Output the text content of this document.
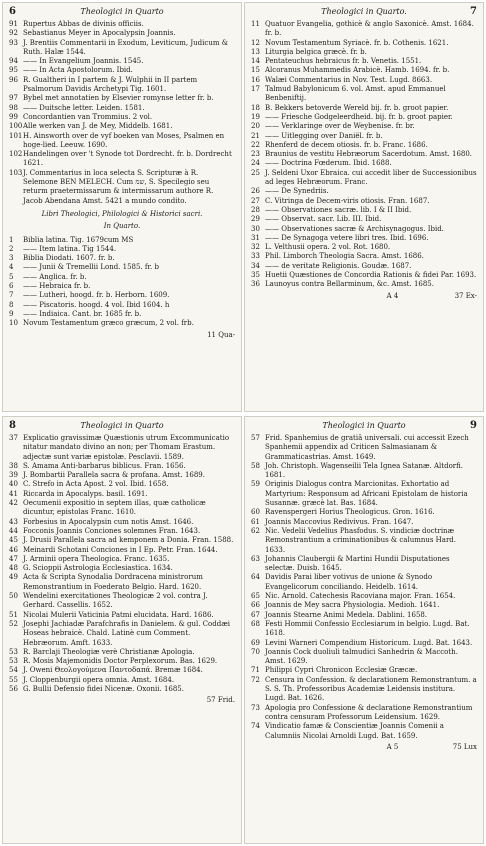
6	Theologici in Quarto
91 Rupertus Abbas de divinis officiis.
92 Sebastianus Meyer in Apocalypsin Joannis.
93 J. Brentiis Commentarii in Exodum, Leviticum, Judicum & Ruth. Halæ 1544.
94 —— In Evangelium Joannis. 1545.
95 —— In Acta Apostolorum. Ibid.
96 R. Gualtheri in I partem & J. Wulphii in II partem Psalmorum Davidis Archetypi Tig. 1601.
97 Bybel met annotatien by Elsevier romynse letter fr. b.
98 —— Duitsche letter. Leiden. 1581.
99 Concordantien van Trommius. 2 vol.
100 Alle werken van J. de Mey, Middelb. 1681.
101 H. Ainsworth over de vyf boeken van Moses, Psalmen en hoge-lied. Leeuw. 1690.
102 Handelingen over 't Synode tot Dordrecht. fr. b. Dordrecht 1621.
103 J. Commentarius in loca selecta S. Scripturæ à R. Selemone BEN MELECH. Cum שמ, S. Specilegio seu returm praetermissarum & intermissarum authore R. Jacob Abendana Amst. 5421 a mundo condito.
Libri Theologici, Philologici & Historici sacri.
In Quarto.
1	Biblia latina. Tig. 1679cum MS
2	—— Item latina. Tig 1544.
3	Biblia Diodati. 1607. fr. b.
4	—— Junii & Tremellii Lond. 1585. fr. b
5	—— Anglica. fr. b.
6	—— Hebraica fr. b.
7	—— Lutheri, hoogd. fr. b. Herborn. 1609.
8	—— Piscatoris. hoogd. 4 vol. Ibid 1604. h
9	—— Indiaica. Cant. br. 1685 fr. b.
10 Novum Testamentum græco græcum, 2 vol. frb.
11 Qua-
Theologici in Quarto.	7
11 Quatuor Evangelia, gothicè & anglo Saxonicè. Amst. 1684. fr. b.
12 Novum Testamentum Syriacè. fr. b. Cothenis. 1621.
13 Liturgia belgica græcè. fr. b.
14 Pentateuchus hebraicus fr. b. Venetis. 1551.
15 Alcoranus Muhammedis Arabicè. Hamb. 1694. fr. b.
16 Walæi Commentarius in Nov. Test. Lugd. 8663.
17 Talmud Babylonicum 6. vol. Amst. apud Emmanuel Benbeniftij.
18 B. Bekkers betoverde Wereld bij. fr. b. groot papier.
19 —— Friesche Godgeleerdheid. bij. fr. b. groot papier.
20 —— Verklaringe over de Weybenise. fr. br.
21 —— Uitlegging over Daniël. fr. b.
22 Rhenferd de decem otiosis. fr. b. Franc. 1686.
23 Braunius de vestitu Hebræorum Sacerdotum. Amst. 1680.
24 —— Doctrina Fœderum. Ibid. 1688.
25 J. Seldeni Uxor Ebraica. cui accedit liber de Successionibus ad leges Hebræorum. Franc.
26 —— De Synedriis.
27 C. Vitringa de Decem-viris otiosis. Fran. 1687.
28 —— Observationes sacræ. lib. I & II Ibid.
29 —— Observat. sacr. Lib. III. Ibid.
30 —— Observationes sacræ & Archisynagogus. Ibid.
31 —— De Synagoga vetere libri tres. Ibid. 1696.
32 L. Velthusii opera. 2 vol. Rot. 1680.
33 Phil. Limborch Theologia Sacra. Amst. 1686.
34 —— de veritate Religionis. Goudæ. 1687.
35 Huetii Quæstiones de Concordia Rationis & fidei Par. 1693.
36 Launoyus contra Bellarminum, &c. Amst. 1685.
A 4	37 Ex-
8	Theologici in Quarto
37 Explicatio gravissimæ Quæstionis utrum Excommunicatio nitatur mandato divino an non; per Thomam Erastum. adjectæ sunt variæ epistolæ. Pesclavii. 1589.
38 S. Amama Anti-barbarus biblicus. Fran. 1656.
39 J. Bombartii Parallela sacra & profana. Amst. 1689.
40 C. Strefo in Acta Apost. 2 vol. Ibid. 1658.
41 Riccarda in Apocalyps. basil. 1691.
42 Oecumenii expositio in septem illas, quæ catholicæ dicuntur, epistolas Franc. 1610.
43 Forbesius in Apocalypsin cum notis Amst. 1646.
44 Focconis Joannis Conciones solemnes Fran. 1643.
45 J. Drusii Parallela sacra ad kemponem a Donia. Fran. 1588.
46 Meinardi Schotani Conciones in I Ep. Petr. Fran. 1644.
47 J. Arminii opera Theologica. Franc. 1635.
48 G. Scioppii Astrologia Ecclesiastica. 1634.
49 Acta & Scripta Synodalia Dordracena ministrorum Remonstrantium in Foederato Belgio. Hard. 1620.
50 Wendelini exercitationes Theologicæ 2 vol. contra J. Gerhard. Cassellis. 1652.
51 Nicolai Mulerii Vaticinia Patmi elucidata. Hard. 1686.
52 Josephi Jachiadæ Parafchrafis in Danielem. & gul. Coddæi Hoseas hebraicè. Chald. Latinè cum Comment. Hebræorum. Amft. 1633.
53 R. Barclaji Theologiæ verè Christianæ Apologia.
53 R. Mosis Majemonidis Doctor Perplexorum. Bas. 1629.
54 J. Oweni Θεολογούμενα Παντοδαπά. Bremæ 1684.
55 J. Cloppenburgii opera omnia. Amst. 1684.
56 G. Bullii Defensio fidei Nicenæ. Oxonii. 1685.
57 Frid.
Theologici in Quarto	9
57 Frid. Spanhemius de gratiâ universali. cui accessit Ezech Spanhemii appendix ad Criticen Salmasianam & Grammaticastrias. Amst. 1649.
58 Joh. Christoph. Wagenseilii Tela Ignea Satanæ. Altdorfi. 1681.
59 Originis Dialogus contra Marcionitas. Exhortatio ad Martyrium: Responsum ad Africani Epistolam de historia Susannæ. græcè lat. Bas. 1684.
60 Ravenspergeri Horius Theologicus. Gron. 1616.
61 Joannis Maccovius Redivivus. Fran. 1647.
62 Nic. Vedelii Vedelius Phasfodus. S. vindiciæ doctrinæ Remonstrantium a criminationibus & calumnus Hard. 1633.
63 Johannis Claubergii & Martini Hundii Disputationes selectæ. Duisb. 1645.
64 Davidis Parai liber votivus de unione & Synodo Evangelicorum conciliando. Heidelb. 1614.
65 Nic. Arnold. Catechesis Racoviana major. Fran. 1654.
66 Joannis de Mey sacra Physiologia. Medioh. 1641.
67 Joannis Stearne Animi Medela. Dablini. 1658.
68 Festi Hommii Confessio Ecclesiarum in belgio. Lugd. Bat. 1618.
69 Levini Warneri Compendium Historicum. Lugd. Bat. 1643.
70 Joannis Cock duoliuli talmudici Sanhedrin & Maccoth. Amst. 1629.
71 Philippi Cypri Chronicon Ecclesiæ Græcæ.
72 Censura in Confession. & declarationem Remonstrantum. a S. S. Th. Professoribus Academiæ Leidensis institura. Lugd. Bat. 1626.
73 Apologia pro Confessione & declaratione Remonstrantium contra censuram Professorum Leidensium. 1629.
74 Vindicatio famæ & Conscientiæ Joannis Comenii a Calumniis Nicolai Arnoldi Lugd. Bat. 1659.
A 5	75 Lux
